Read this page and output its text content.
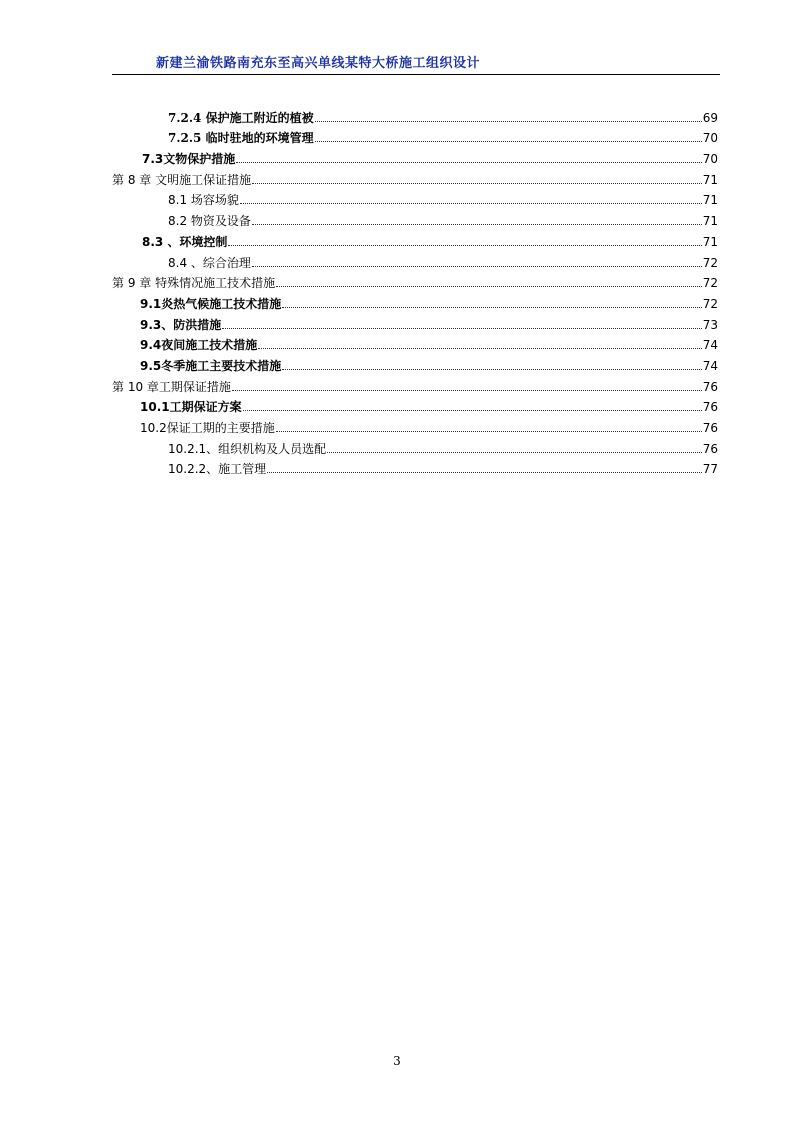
新建兰渝铁路南充东至高兴单线某特大桥施工组织设计
7.2.4 保护施工附近的植被	69
7.2.5 临时驻地的环境管理	70
7.3文物保护措施	70
第 8 章 文明施工保证措施	71
8.1 场容场貌	71
8.2 物资及设备	71
8.3 、环境控制	71
8.4 、综合治理	72
第 9 章 特殊情况施工技术措施	72
9.1炎热气候施工技术措施	72
9.3、防洪措施	73
9.4夜间施工技术措施	74
9.5冬季施工主要技术措施	74
第 10 章工期保证措施	76
10.1工期保证方案	76
10.2保证工期的主要措施	76
10.2.1、组织机构及人员选配	76
10.2.2、施工管理	77
3
